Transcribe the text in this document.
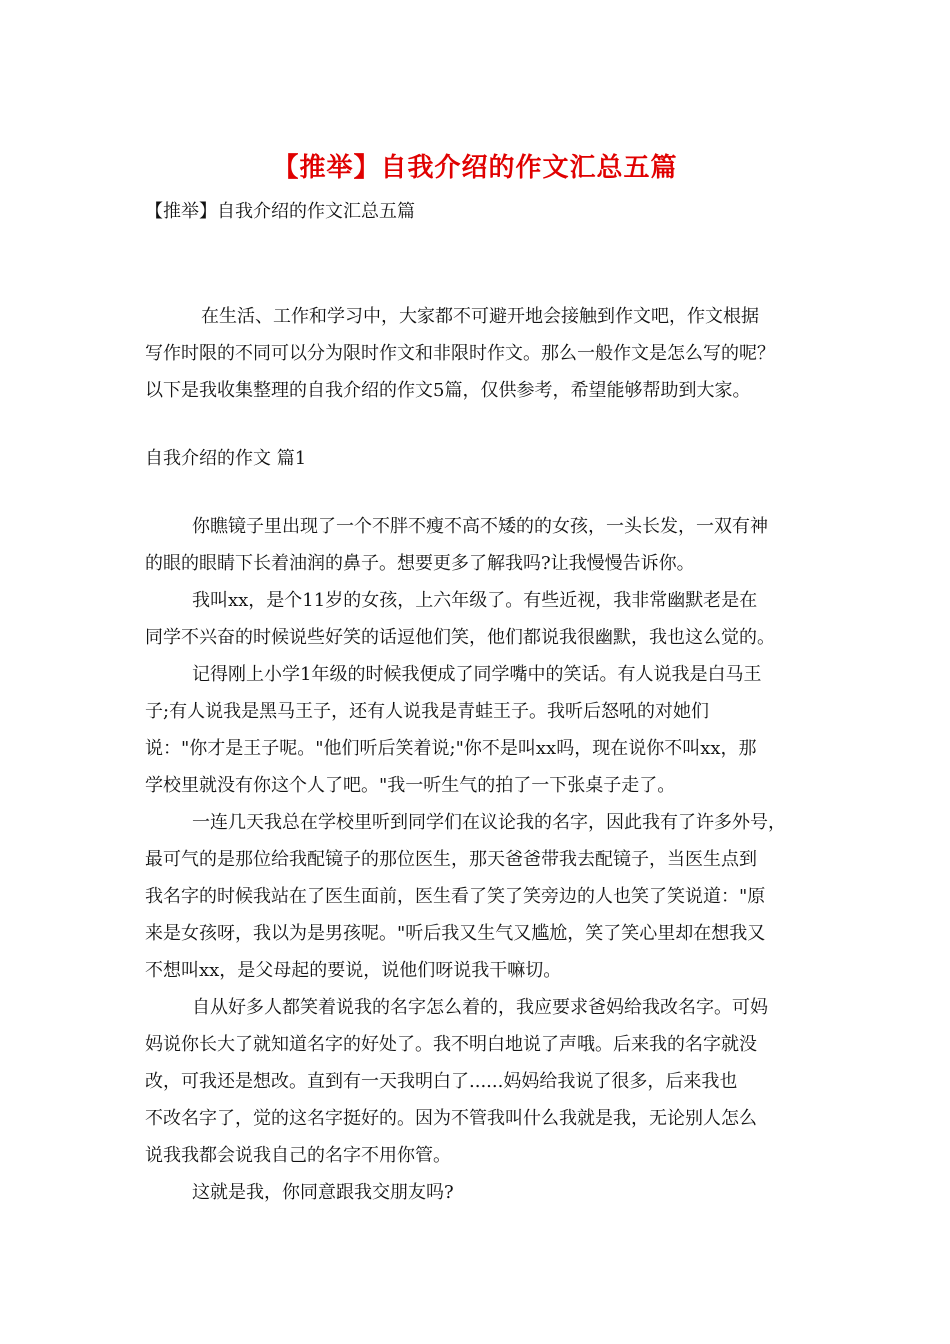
【推举】自我介绍的作文汇总五篇

【推举】自我介绍的作文汇总五篇

在生活、工作和学习中，大家都不可避开地会接触到作文吧，作文根据
写作时限的不同可以分为限时作文和非限时作文。那么一般作文是怎么写的呢？
以下是我收集整理的自我介绍的作文5篇，仅供参考，希望能够帮助到大家。

自我介绍的作文 篇1

你瞧镜子里出现了一个不胖不瘦不高不矮的的女孩，一头长发，一双有神
的眼的眼睛下长着油润的鼻子。想要更多了解我吗?让我慢慢告诉你。
我叫xx，是个11岁的女孩，上六年级了。有些近视，我非常幽默老是在
同学不兴奋的时候说些好笑的话逗他们笑，他们都说我很幽默，我也这么觉的。
记得刚上小学1年级的时候我便成了同学嘴中的笑话。有人说我是白马王
子;有人说我是黑马王子，还有人说我是青蛙王子。我听后怒吼的对她们
说："你才是王子呢。"他们听后笑着说;"你不是叫xx吗，现在说你不叫xx，那
学校里就没有你这个人了吧。"我一听生气的拍了一下张桌子走了。
一连几天我总在学校里听到同学们在议论我的名字，因此我有了许多外号，
最可气的是那位给我配镜子的那位医生，那天爸爸带我去配镜子，当医生点到
我名字的时候我站在了医生面前，医生看了笑了笑旁边的人也笑了笑说道："原
来是女孩呀，我以为是男孩呢。"听后我又生气又尴尬，笑了笑心里却在想我又
不想叫xx，是父母起的要说，说他们呀说我干嘛切。
自从好多人都笑着说我的名字怎么着的，我应要求爸妈给我改名字。可妈
妈说你长大了就知道名字的好处了。我不明白地说了声哦。后来我的名字就没
改，可我还是想改。直到有一天我明白了......妈妈给我说了很多，后来我也
不改名字了，觉的这名字挺好的。因为不管我叫什么我就是我，无论别人怎么
说我我都会说我自己的名字不用你管。
这就是我，你同意跟我交朋友吗?
